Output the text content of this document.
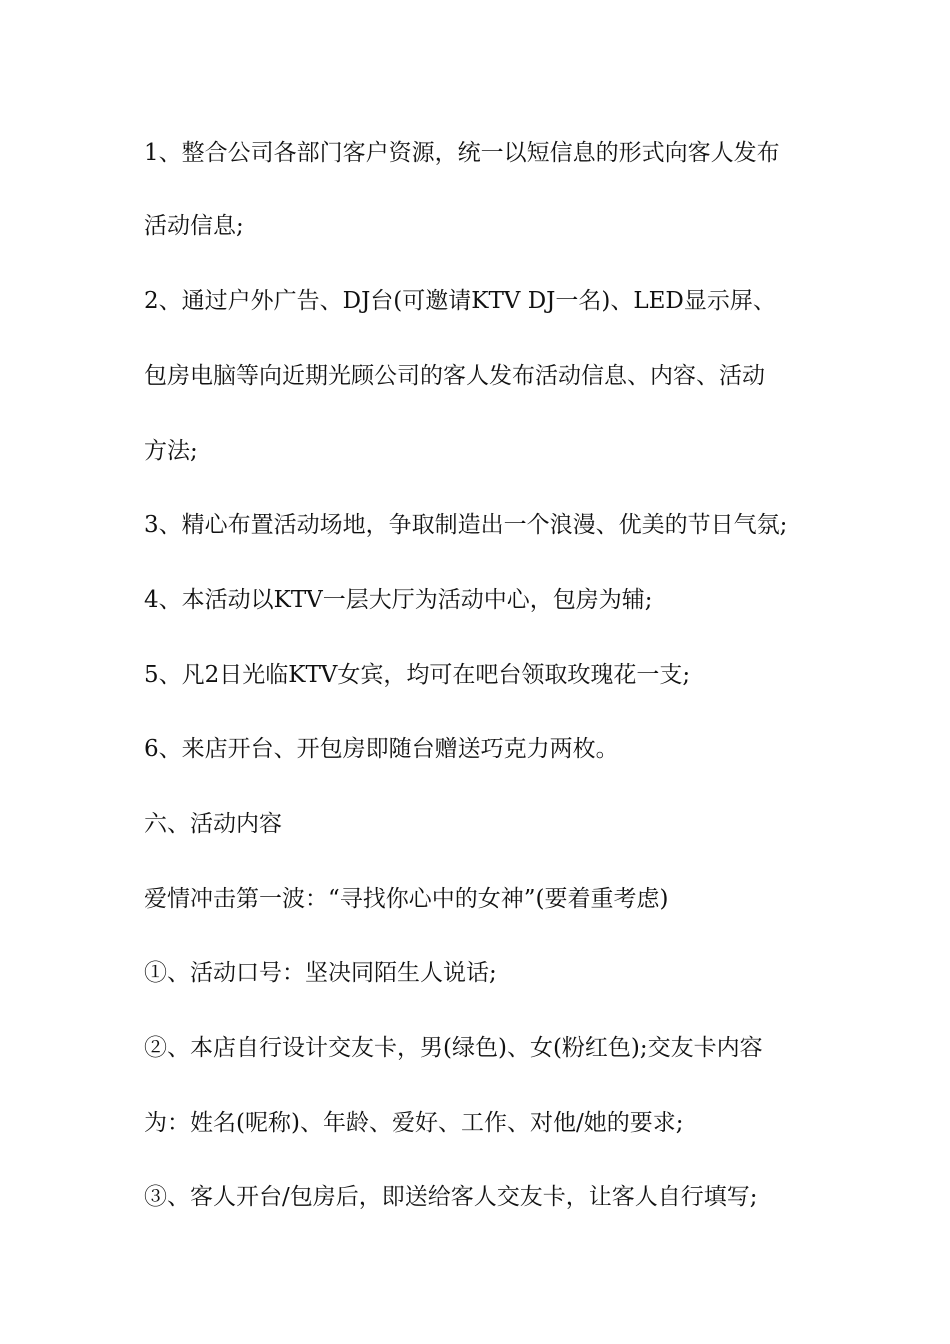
1、整合公司各部门客户资源，统一以短信息的形式向客人发布
活动信息;
2、通过户外广告、DJ台(可邀请KTV DJ一名)、LED显示屏、
包房电脑等向近期光顾公司的客人发布活动信息、内容、活动
方法;
3、精心布置活动场地，争取制造出一个浪漫、优美的节日气氛;
4、本活动以KTV一层大厅为活动中心，包房为辅;
5、凡2日光临KTV女宾，均可在吧台领取玫瑰花一支;
6、来店开台、开包房即随台赠送巧克力两枚。
六、活动内容
爱情冲击第一波：“寻找你心中的女神”(要着重考虑)
①、活动口号：坚决同陌生人说话;
②、本店自行设计交友卡，男(绿色)、女(粉红色);交友卡内容
为：姓名(呢称)、年龄、爱好、工作、对他/她的要求;
③、客人开台/包房后，即送给客人交友卡，让客人自行填写;
